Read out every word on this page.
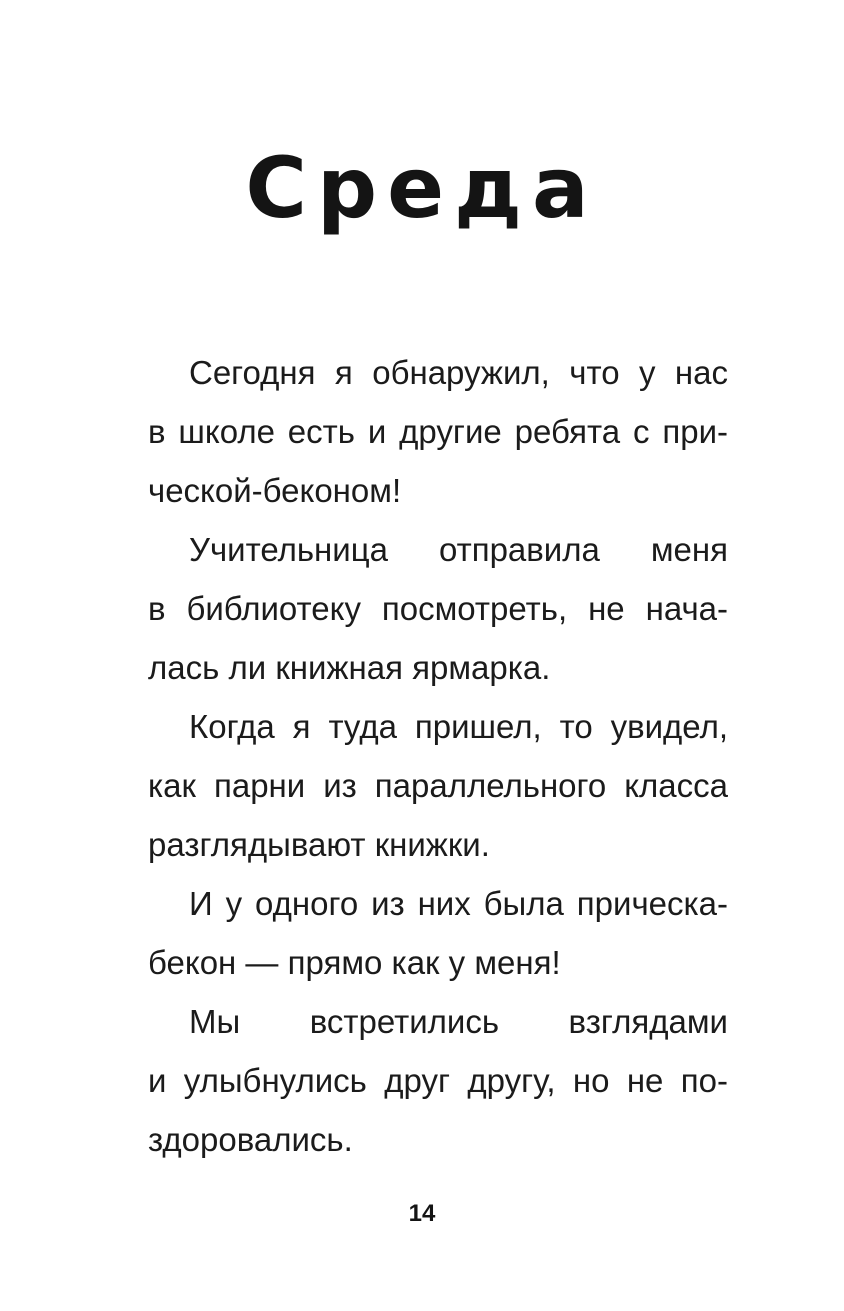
Среда
Сегодня я обнаружил, что у нас
в школе есть и другие ребята с при-
ческой-беконом!
Учительница отправила меня
в библиотеку посмотреть, не нача-
лась ли книжная ярмарка.
Когда я туда пришел, то увидел,
как парни из параллельного класса
разглядывают книжки.
И у одного из них была прическа-
бекон — прямо как у меня!
Мы встретились взглядами
и улыбнулись друг другу, но не по-
здоровались.
14
